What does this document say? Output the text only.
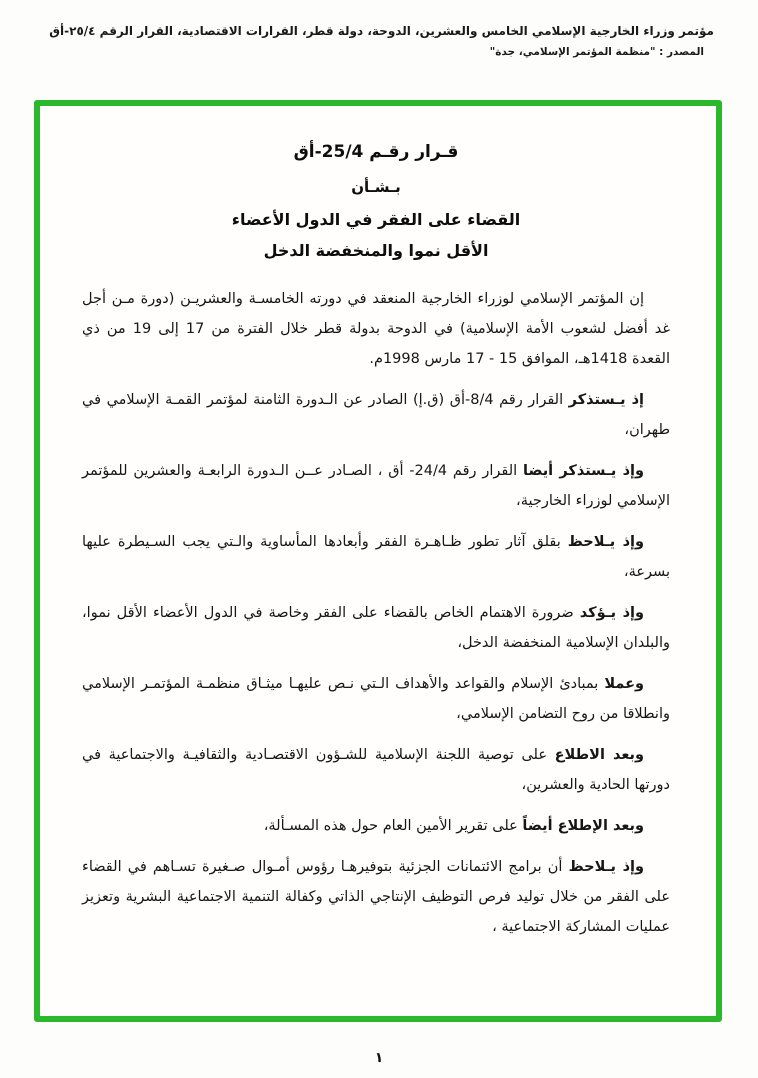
مؤتمر وزراء الخارجية الإسلامي الخامس والعشرين، الدوحة، دولة قطر، القرارات الاقتصادية، القرار الرقم ٢٥/٤-أق
المصدر : "منظمة المؤتمر الإسلامي، جدة"
قـرار رقـم 25/4-أق
بـشـأن
القضاء على الفقر في الدول الأعضاء
الأقل نموا والمنخفضة الدخل

إن المؤتمر الإسلامي لوزراء الخارجية المنعقد في دورته الخامسـة والعشريـن (دورة مـن أجل غد أفضل لشعوب الأمة الإسلامية) في الدوحة بدولة قطر خلال الفترة من 17 إلى 19 من ذي القعدة 1418هـ، الموافق 15 - 17 مارس 1998م.

إذ يـستذكر القرار رقم 8/4-أق (ق.إ) الصادر عن الـدورة الثامنة لمؤتمر القمـة الإسلامي في طهران،

وإذ يـستذكر أيضا القرار رقم 24/4- أق ، الصـادر عــن الـدورة الرابعـة والعشرين للمؤتمر الإسلامي لوزراء الخارجية،

وإذ يـلاحظ بقلق آثار تطور ظـاهـرة الفقر وأبعادها المأساوية والـتي يجب السـيطرة عليها بسرعة،

وإذ يـؤكد ضرورة الاهتمام الخاص بالقضاء على الفقر وخاصة في الدول الأعضاء الأقل نموا، والبلدان الإسلامية المنخفضة الدخل،

وعملا بمبادئ الإسلام والقواعد والأهداف الـتي نـص عليهـا ميثـاق منظمـة المؤتمـر الإسلامي وانطلاقا من روح التضامن الإسلامي،

وبعد الاطلاع على توصية اللجنة الإسلامية للشـؤون الاقتصـادية والثقافيـة والاجتماعية في دورتها الحادية والعشرين،

وبعد الإطلاع أيضاً على تقرير الأمين العام حول هذه المسـألة،

وإذ يـلاحظ أن برامج الائتمانات الجزئية بتوفيرهـا رؤوس أمـوال صـغيرة تسـاهم في القضاء على الفقر من خلال توليد فرص التوظيف الإنتاجي الذاتي وكفالة التنمية الاجتماعية البشرية وتعزيز عمليات المشاركة الاجتماعية ،

١
